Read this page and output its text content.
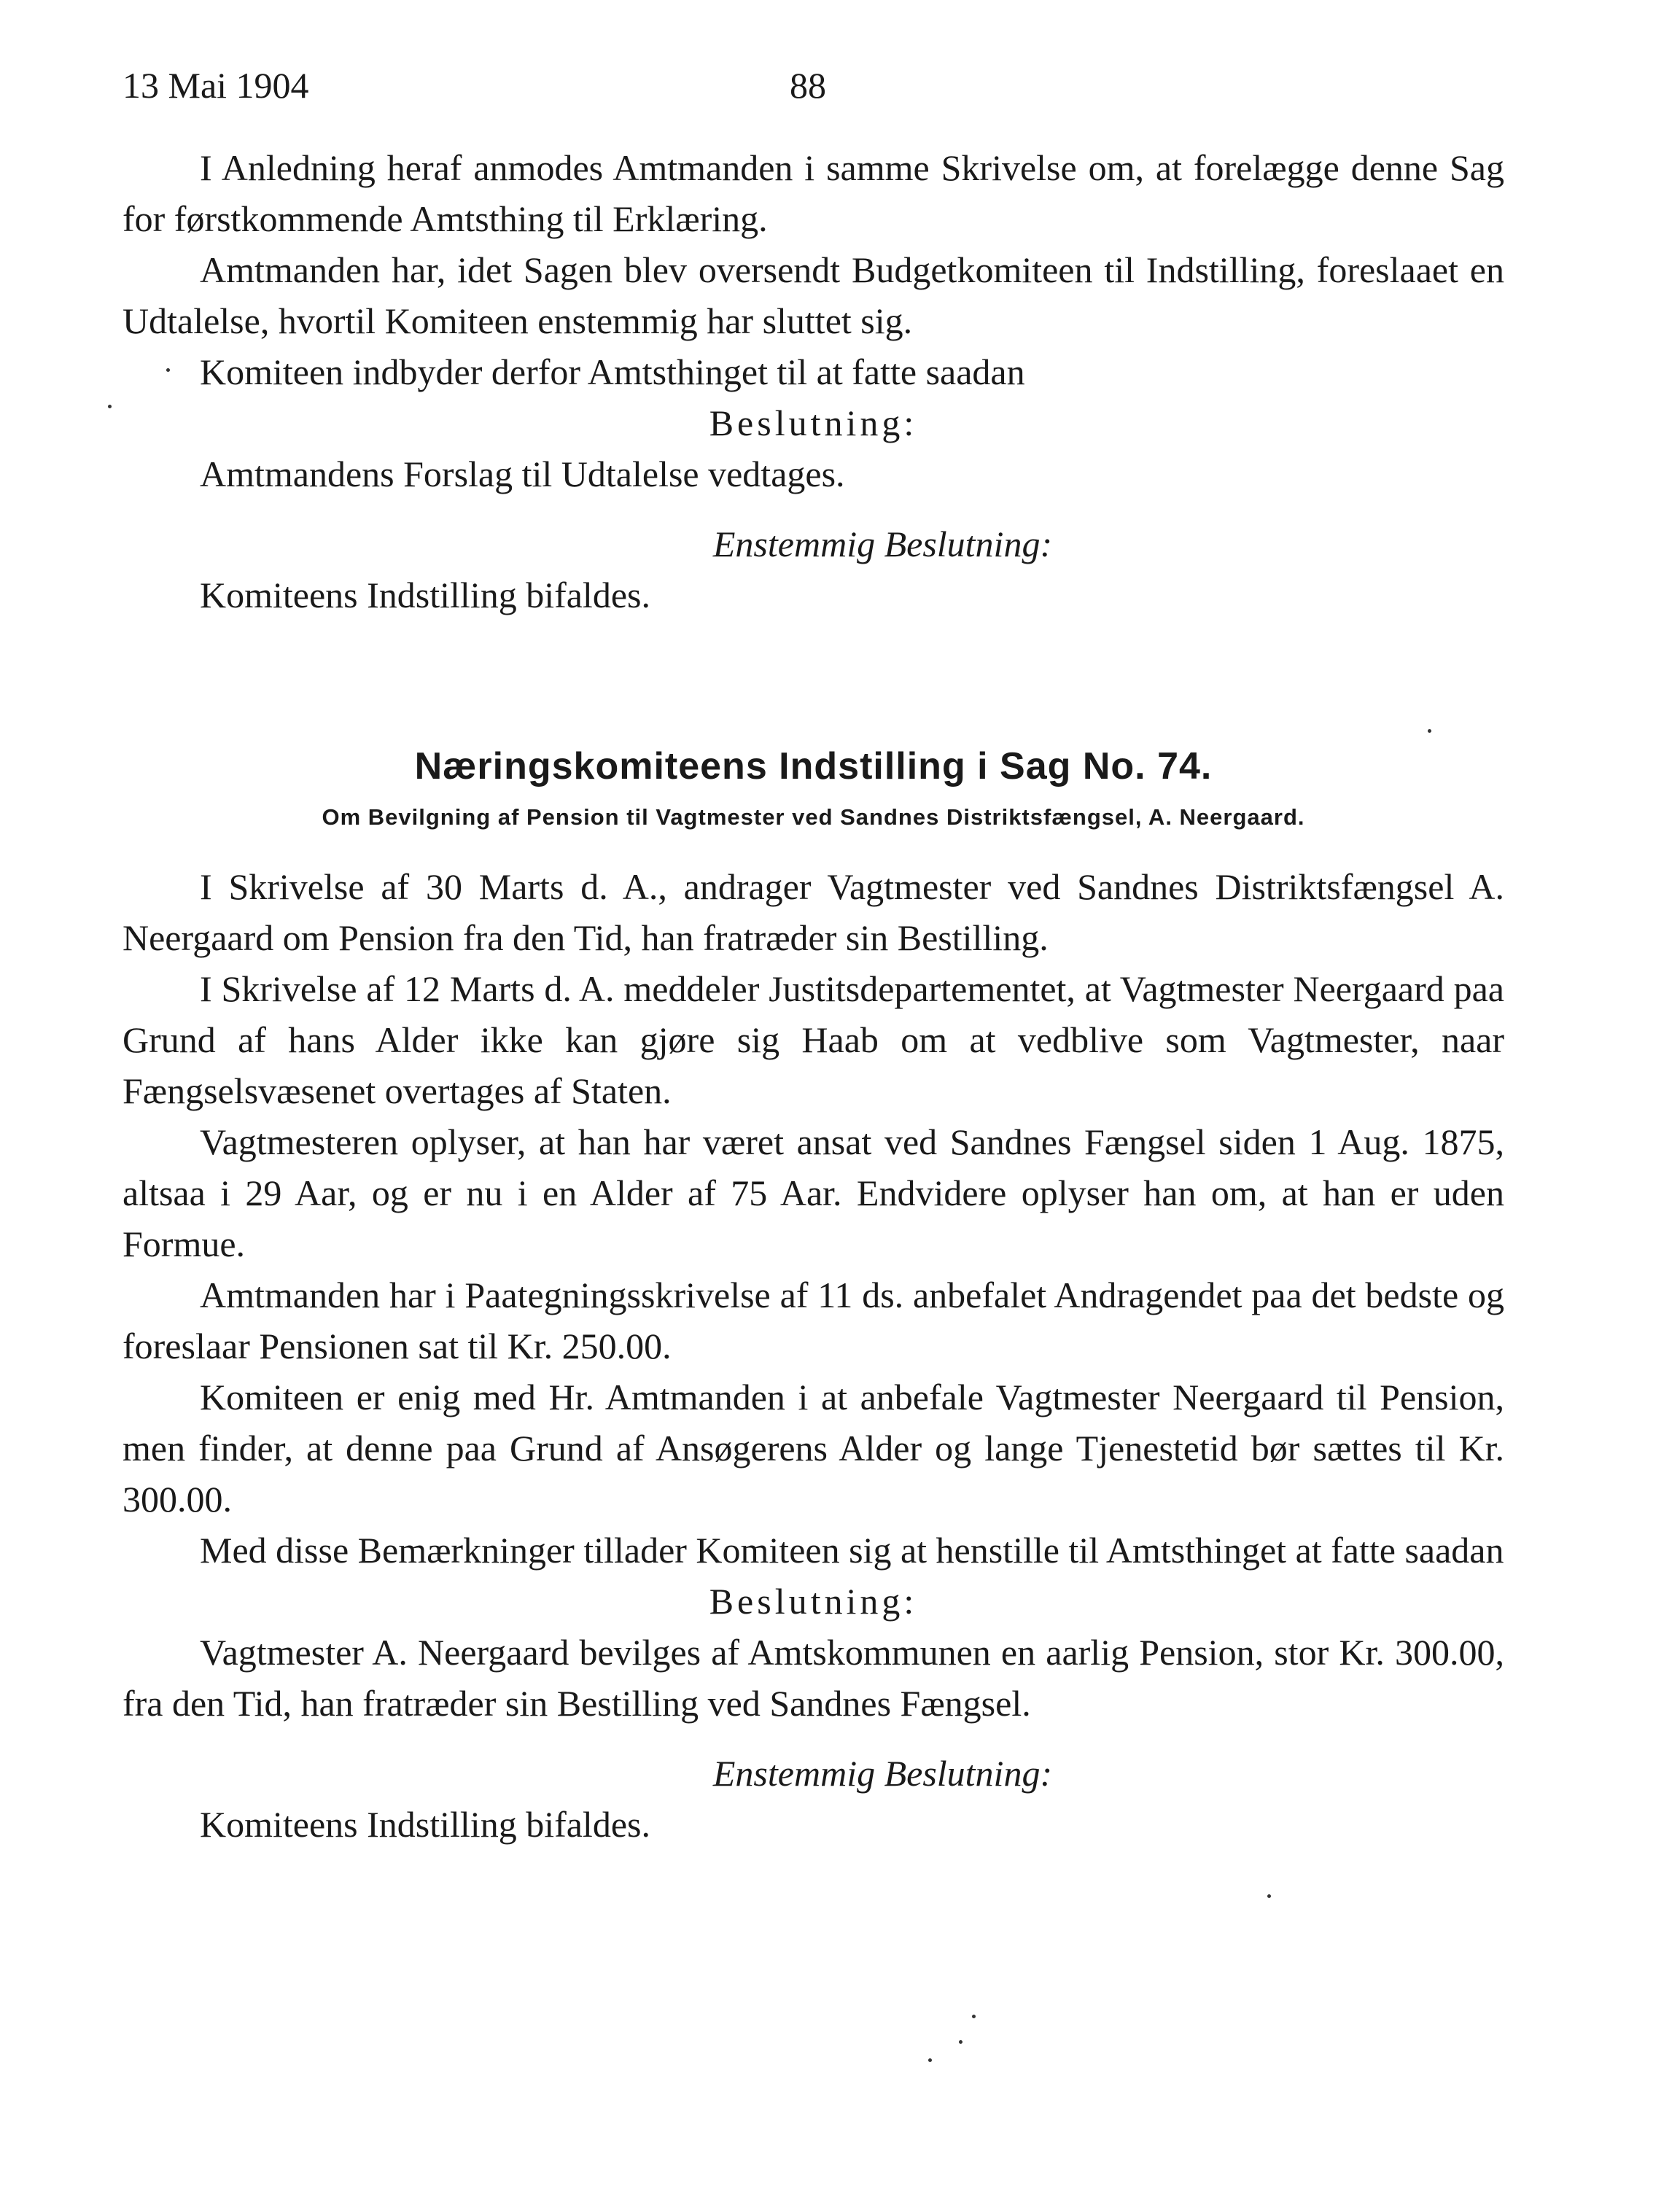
13 Mai 1904	88

I Anledning heraf anmodes Amtmanden i samme Skrivelse om, at forelægge denne Sag for førstkommende Amtsthing til Erklæring.

Amtmanden har, idet Sagen blev oversendt Budgetkomiteen til Indstilling, foreslaaet en Udtalelse, hvortil Komiteen enstemmig har sluttet sig.

Komiteen indbyder derfor Amtsthinget til at fatte saadan

Beslutning:

Amtmandens Forslag til Udtalelse vedtages.

Enstemmig Beslutning:

Komiteens Indstilling bifaldes.

Næringskomiteens Indstilling i Sag No. 74.
Om Bevilgning af Pension til Vagtmester ved Sandnes Distriktsfængsel, A. Neergaard.

I Skrivelse af 30 Marts d. A., andrager Vagtmester ved Sandnes Distriktsfængsel A. Neergaard om Pension fra den Tid, han fratræder sin Bestilling.

I Skrivelse af 12 Marts d. A. meddeler Justitsdepartementet, at Vagtmester Neergaard paa Grund af hans Alder ikke kan gjøre sig Haab om at vedblive som Vagtmester, naar Fængselsvæsenet overtages af Staten.

Vagtmesteren oplyser, at han har været ansat ved Sandnes Fængsel siden 1 Aug. 1875, altsaa i 29 Aar, og er nu i en Alder af 75 Aar. Endvidere oplyser han om, at han er uden Formue.

Amtmanden har i Paategningsskrivelse af 11 ds. anbefalet Andragendet paa det bedste og foreslaar Pensionen sat til Kr. 250.00.

Komiteen er enig med Hr. Amtmanden i at anbefale Vagtmester Neergaard til Pension, men finder, at denne paa Grund af Ansøgerens Alder og lange Tjenestetid bør sættes til Kr. 300.00.

Med disse Bemærkninger tillader Komiteen sig at henstille til Amtsthinget at fatte saadan

Beslutning:

Vagtmester A. Neergaard bevilges af Amtskommunen en aarlig Pension, stor Kr. 300.00, fra den Tid, han fratræder sin Bestilling ved Sandnes Fængsel.

Enstemmig Beslutning:

Komiteens Indstilling bifaldes.
